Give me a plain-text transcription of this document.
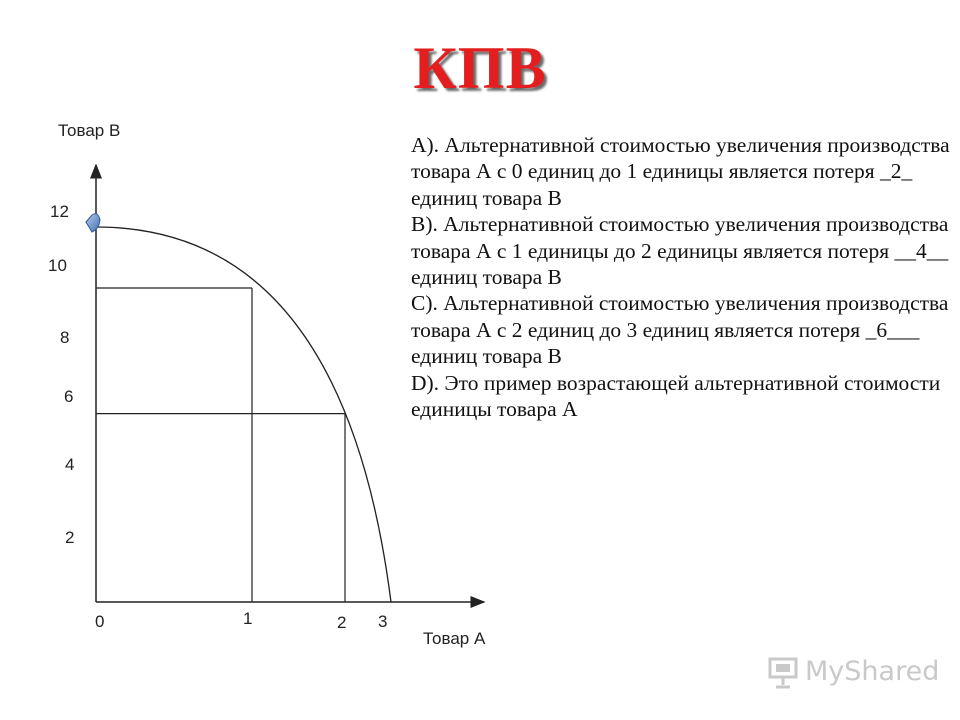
КПВ
Товар В
Товар А
12
10
8
6
4
2
0	1	2 3

А). Альтернативной стоимостью увеличения производства товара А с 0 единиц до 1 единицы является потеря _2_ единиц товара В

В). Альтернативной стоимостью увеличения производства товара А с 1 единицы до 2 единицы является потеря __4__ единиц товара В

С). Альтернативной стоимостью увеличения производства товара А с 2 единиц до 3 единиц является потеря _6___ единиц товара В

D). Это пример возрастающей альтернативной стоимости единицы товара А

MyShared
